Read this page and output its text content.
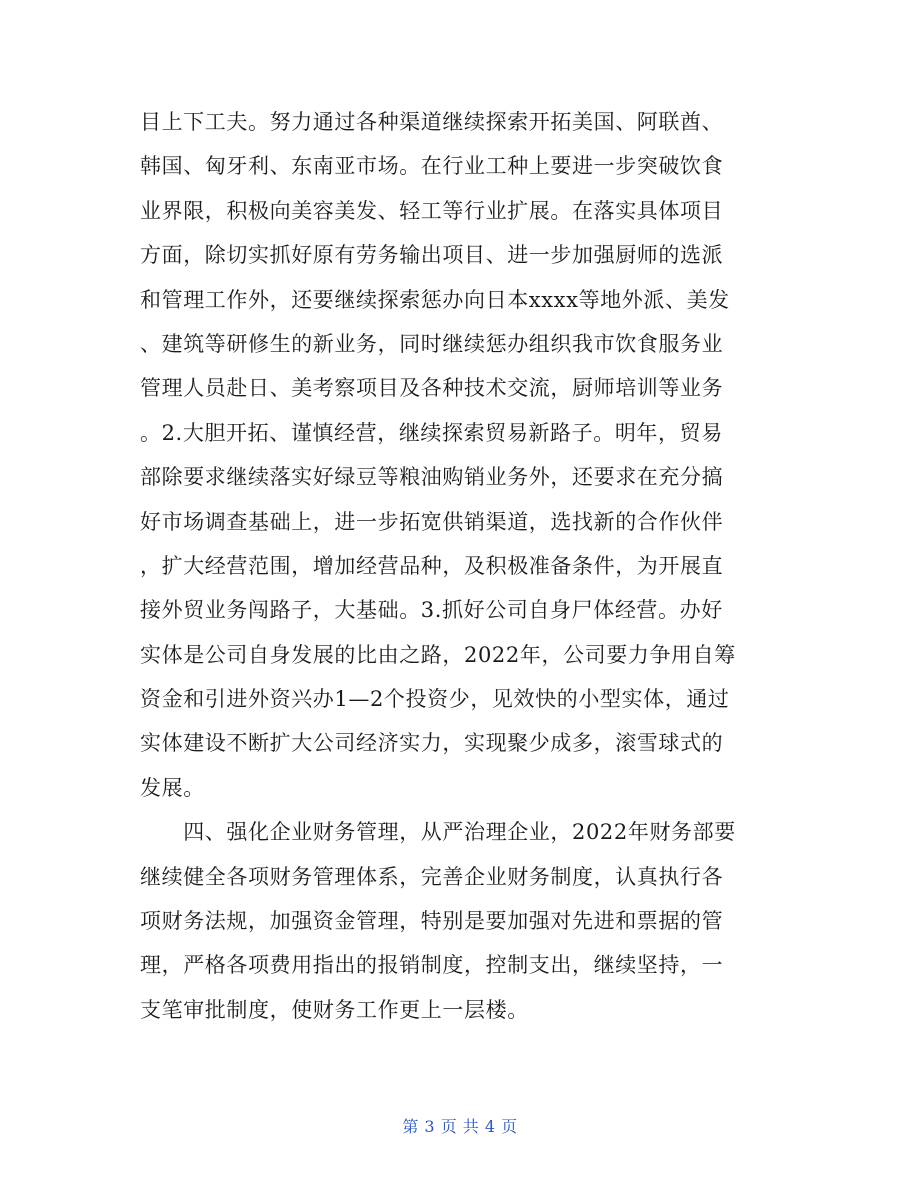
目上下工夫。努力通过各种渠道继续探索开拓美国、阿联酋、
韩国、匈牙利、东南亚市场。在行业工种上要进一步突破饮食
业界限，积极向美容美发、轻工等行业扩展。在落实具体项目
方面，除切实抓好原有劳务输出项目、进一步加强厨师的选派
和管理工作外，还要继续探索惩办向日本xxxx等地外派、美发
、建筑等研修生的新业务，同时继续惩办组织我市饮食服务业
管理人员赴日、美考察项目及各种技术交流，厨师培训等业务
。2.大胆开拓、谨慎经营，继续探索贸易新路子。明年，贸易
部除要求继续落实好绿豆等粮油购销业务外，还要求在充分搞
好市场调查基础上，进一步拓宽供销渠道，选找新的合作伙伴
，扩大经营范围，增加经营品种，及积极准备条件，为开展直
接外贸业务闯路子，大基础。3.抓好公司自身尸体经营。办好
实体是公司自身发展的比由之路，2022年，公司要力争用自筹
资金和引进外资兴办1—2个投资少，见效快的小型实体，通过
实体建设不断扩大公司经济实力，实现聚少成多，滚雪球式的
发展。
　　四、强化企业财务管理，从严治理企业，2022年财务部要
继续健全各项财务管理体系，完善企业财务制度，认真执行各
项财务法规，加强资金管理，特别是要加强对先进和票据的管
理，严格各项费用指出的报销制度，控制支出，继续坚持，一
支笔审批制度，使财务工作更上一层楼。
第 3 页 共 4 页
